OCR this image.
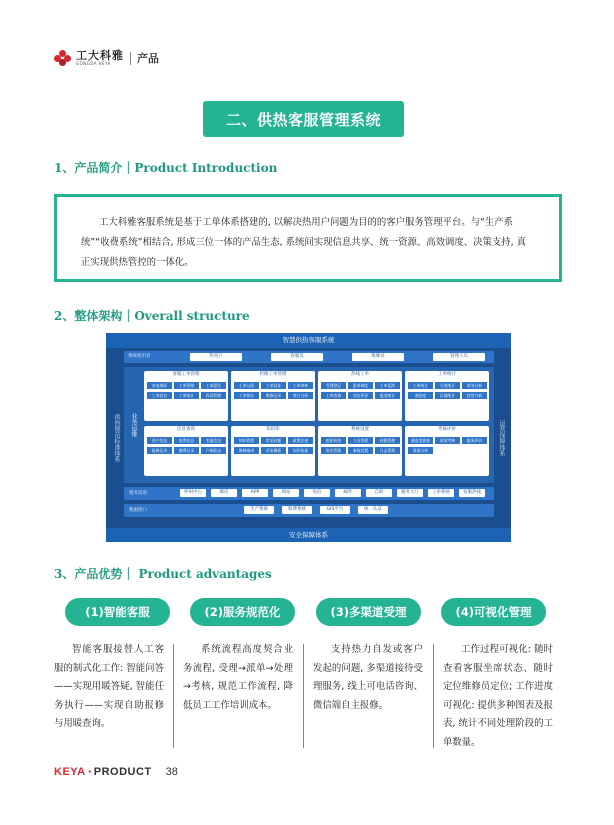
工大科雅
GONGDA KEYA	产品
二、供热客服管理系统
1、产品简介｜Product Introduction

工大科雅客服系统是基于工单体系搭建的, 以解决热用户问题为目的的客户服务管理平台。与“生产系统”“收费系统”相结合, 形成三位一体的产品生态, 系统间实现信息共享、统一资源、高效调度、决策支持, 真正实现供热管控的一体化。

2、整体架构｜Overall structure
智慧供热客服系统
供热规范标准体系	运营保障体系
系统使用者	热用户	客服员	维修员	管理人员
业务运维
客服工单管理
来电弹屏	工单管理	工单派发
工单回访	工单统计	投诉管理
检修工单管理
工单分派	工单回复	工单审核
工单督办	维修记录	统计分析
热线工单
受理登记	派单调度	工单反馈
工单查询	回访评价	报表统计
工单统计
工单统计	分类统计	时效分析
满意度	区域统计	趋势分析
信息查询
用户信息	收费信息	室温信息
报修记录	缴费记录	户阀状态
知识库
知识管理	常见问题	政策法规
维修指南	话术模板	知识检索
系统设置
组织机构	人员管理	权限管理
角色管理	参数设置	日志管理
考核评价
满意度调查	绩效考核	服务评价
质量分析
服务渠道	呼叫中心	微信	APP	网站	短信	邮件	自助	服务大厅	工单系统	客服热线
数据接口	生产系统	收费系统	GIS平台	统一认证
安全保障体系
3、产品优势｜ Product advantages
(1)智能客服	(2)服务规范化	(3)多渠道受理	(4)可视化管理
智能客服接替人工客服的制式化工作: 智能问答——实现用暖答疑, 智能任务执行——实现自助报修与用暖查询。
系统流程高度契合业务流程, 受理→派单→处理→考核, 规范工作流程, 降低员工工作培训成本。
支持热力自发或客户发起的问题, 多渠道接待受理服务, 线上可电话咨询、微信端自主报修。
工作过程可视化: 随时查看客服坐席状态、随时定位维修员定位; 工作进度可视化: 提供多种图表及报表, 统计不同处理阶段的工单数量。
KEYA · PRODUCT 38
